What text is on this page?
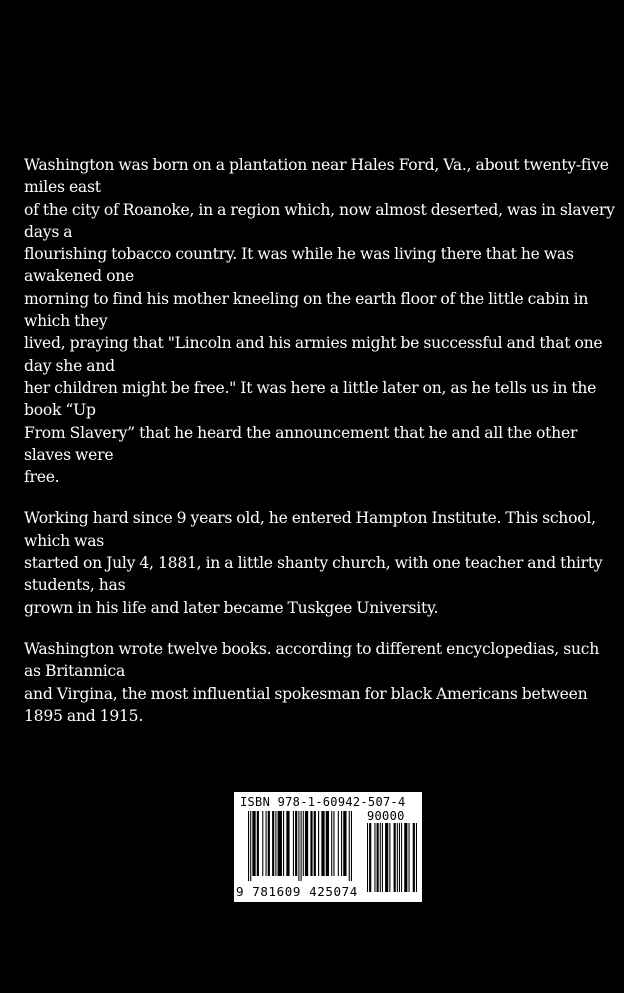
Washington was born on a plantation near Hales Ford, Va., about twenty-five miles east
of the city of Roanoke, in a region which, now almost deserted, was in slavery days a
flourishing tobacco country. It was while he was living there that he was awakened one
morning to find his mother kneeling on the earth floor of the little cabin in which they
lived, praying that "Lincoln and his armies might be successful and that one day she and
her children might be free." It was here a little later on, as he tells us in the book “Up
From Slavery” that he heard the announcement that he and all the other slaves were
free.

Working hard since 9 years old, he entered Hampton Institute. This school, which was
started on July 4, 1881, in a little shanty church, with one teacher and thirty students, has
grown in his life and later became Tuskgee University.

Washington wrote twelve books. according to different encyclopedias, such as Britannica
and Virgina, the most influential spokesman for black Americans between 1895 and 1915.

ISBN 978-1-60942-507-4
90000
9 781609 425074
